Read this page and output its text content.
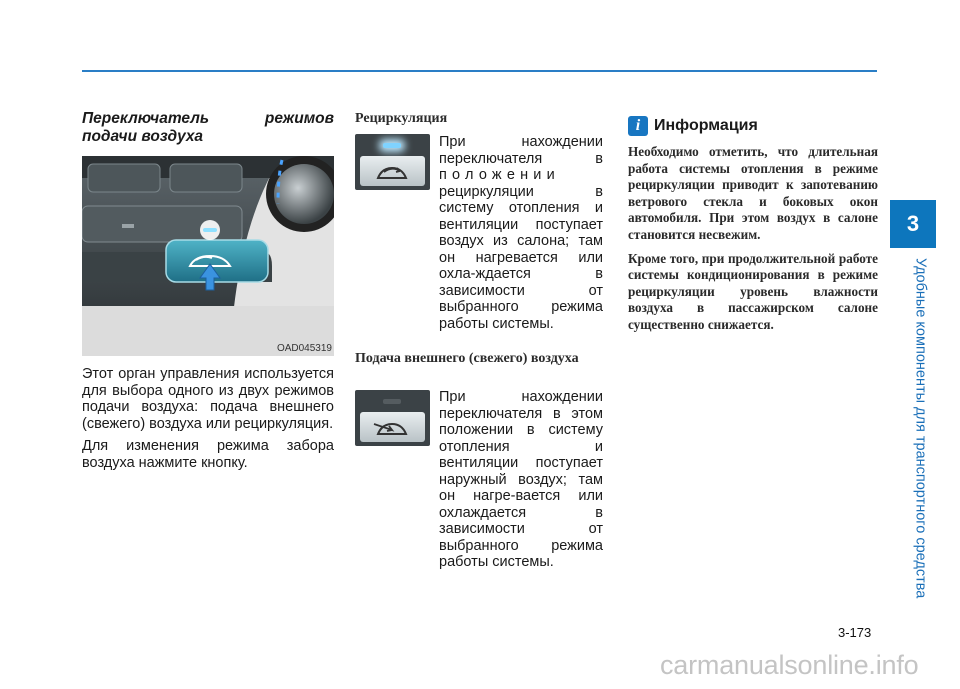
3
Удобные компоненты для транспортного средства
Переключатель режимов подачи воздуха
OAD045319

Этот орган управления используется для выбора одного из двух режимов подачи воздуха: подача внешнего (свежего) воздуха или рециркуляция.

Для изменения режима забора воздуха нажмите кнопку.

Рециркуляция
При нахождении
переключателя в
положении
рециркуляции в
систему отопления и
вентиляции поступает
воздух из салона; там
он нагревается или
охла-ждается в
зависимости от
выбранного режима
работы системы.
Подача внешнего (свежего) воздуха
При нахождении
переключателя в этом
положении в систему
отопления и
вентиляции поступает
наружный воздух; там
он нагре-вается или
охлаждается в
зависимости от
выбранного режима
работы системы.
i Информация

Необходимо отметить, что длительная работа системы отопления в режиме рециркуляции приводит к запотеванию ветрового стекла и боковых окон автомобиля. При этом воздух в салоне становится несвежим.

Кроме того, при продолжительной работе системы кондиционирования в режиме рециркуляции уровень влажности воздуха в пассажирском салоне существенно снижается.

3-173
carmanualsonline.info
